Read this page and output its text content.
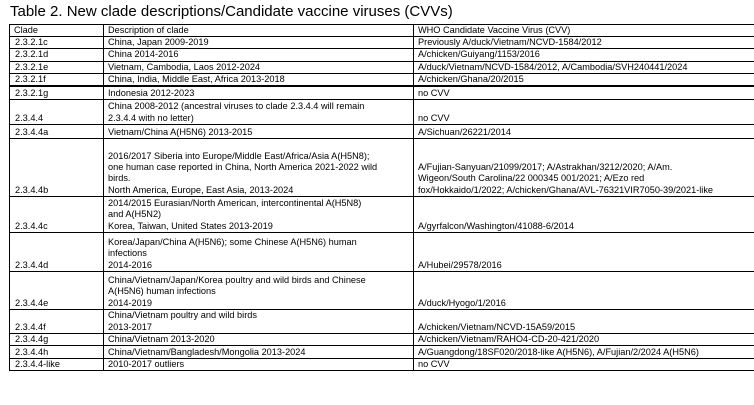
Table 2. New clade descriptions/Candidate vaccine viruses (CVVs)
Clade	Description of clade	WHO Candidate Vaccine Virus (CVV)
2.3.2.1c	China, Japan 2009-2019	Previously A/duck/Vietnam/NCVD-1584/2012

2.3.2.1d	China 2014-2016	A/chicken/Guiyang/1153/2016

2.3.2.1e	Vietnam, Cambodia, Laos 2012-2024	A/duck/Vietnam/NCVD-1584/2012, A/Cambodia/SVH240441/2024

2.3.2.1f	China, India, Middle East, Africa 2013-2018	A/chicken/Ghana/20/2015

2.3.2.1g	Indonesia 2012-2023	no CVV

2.3.4.4	China 2008-2012 (ancestral viruses to clade 2.3.4.4 will remain
2.3.4.4 with no letter)	no CVV

2.3.4.4a	Vietnam/China A(H5N6) 2013-2015	A/Sichuan/26221/2014

2.3.4.4b	2016/2017 Siberia into Europe/Middle East/Africa/Asia A(H5N8);
one human case reported in China, North America 2021-2022 wild
birds.
North America, Europe, East Asia, 2013-2024	A/Fujian-Sanyuan/21099/2017; A/Astrakhan/3212/2020; A/Am.
Wigeon/South Carolina/22 000345 001/2021; A/Ezo red
fox/Hokkaido/1/2022; A/chicken/Ghana/AVL-76321VIR7050-39/2021-like

2.3.4.4c	2014/2015 Eurasian/North American, intercontinental A(H5N8)
and A(H5N2)
Korea, Taiwan, United States 2013-2019	A/gyrfalcon/Washington/41088-6/2014

2.3.4.4d	Korea/Japan/China A(H5N6); some Chinese A(H5N6) human
infections
2014-2016	A/Hubei/29578/2016

2.3.4.4e	China/Vietnam/Japan/Korea poultry and wild birds and Chinese
A(H5N6) human infections
2014-2019	A/duck/Hyogo/1/2016

2.3.4.4f	China/Vietnam poultry and wild birds
2013-2017	A/chicken/Vietnam/NCVD-15A59/2015

2.3.4.4g	China/Vietnam 2013-2020	A/chicken/Vietnam/RAHO4-CD-20-421/2020

2.3.4.4h	China/Vietnam/Bangladesh/Mongolia 2013-2024	A/Guangdong/18SF020/2018-like A(H5N6), A/Fujian/2/2024 A(H5N6)

2.3.4.4-like	2010-2017 outliers	no CVV
